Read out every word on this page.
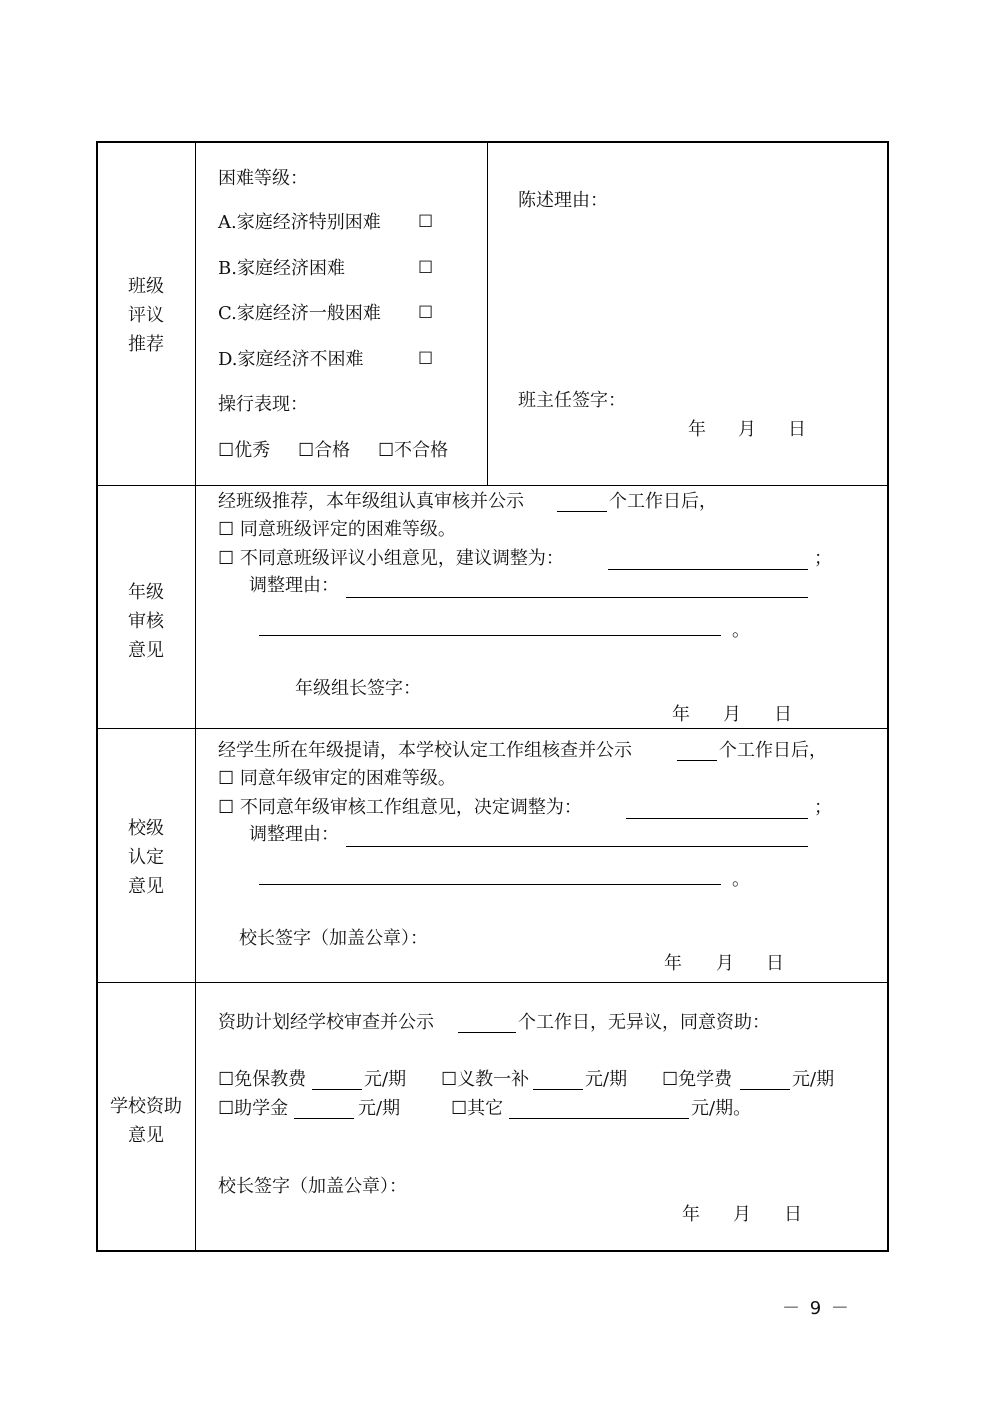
班级
评议
推荐
困难等级：
A.家庭经济特别困难 ☐
B.家庭经济困难	☐
C.家庭经济一般困难 ☐
D.家庭经济不困难	☐
操行表现：
☐优秀 ☐合格 ☐不合格
陈述理由：
班主任签字：
年 月 日
年级
审核
意见
经班级推荐，本年级组认真审核并公示	个工作日后，
☐ 同意班级评定的困难等级。
☐ 不同意班级评议小组意见，建议调整为：	；
调整理由：
。
年级组长签字：
年 月 日
校级
认定
意见
经学生所在年级提请，本学校认定工作组核查并公示	个工作日后，
☐ 同意年级审定的困难等级。
☐ 不同意年级审核工作组意见，决定调整为：	；
调整理由：
。
校长签字（加盖公章）：
年 月 日
学校资助
意见
资助计划经学校审查并公示	个工作日，无异议，同意资助：
☐免保教费	元/期 ☐义教一补	元/期 ☐免学费	元/期
☐助学金	元/期	☐其它	元/期。
校长签字（加盖公章）：
年 月 日
－ 9 －
